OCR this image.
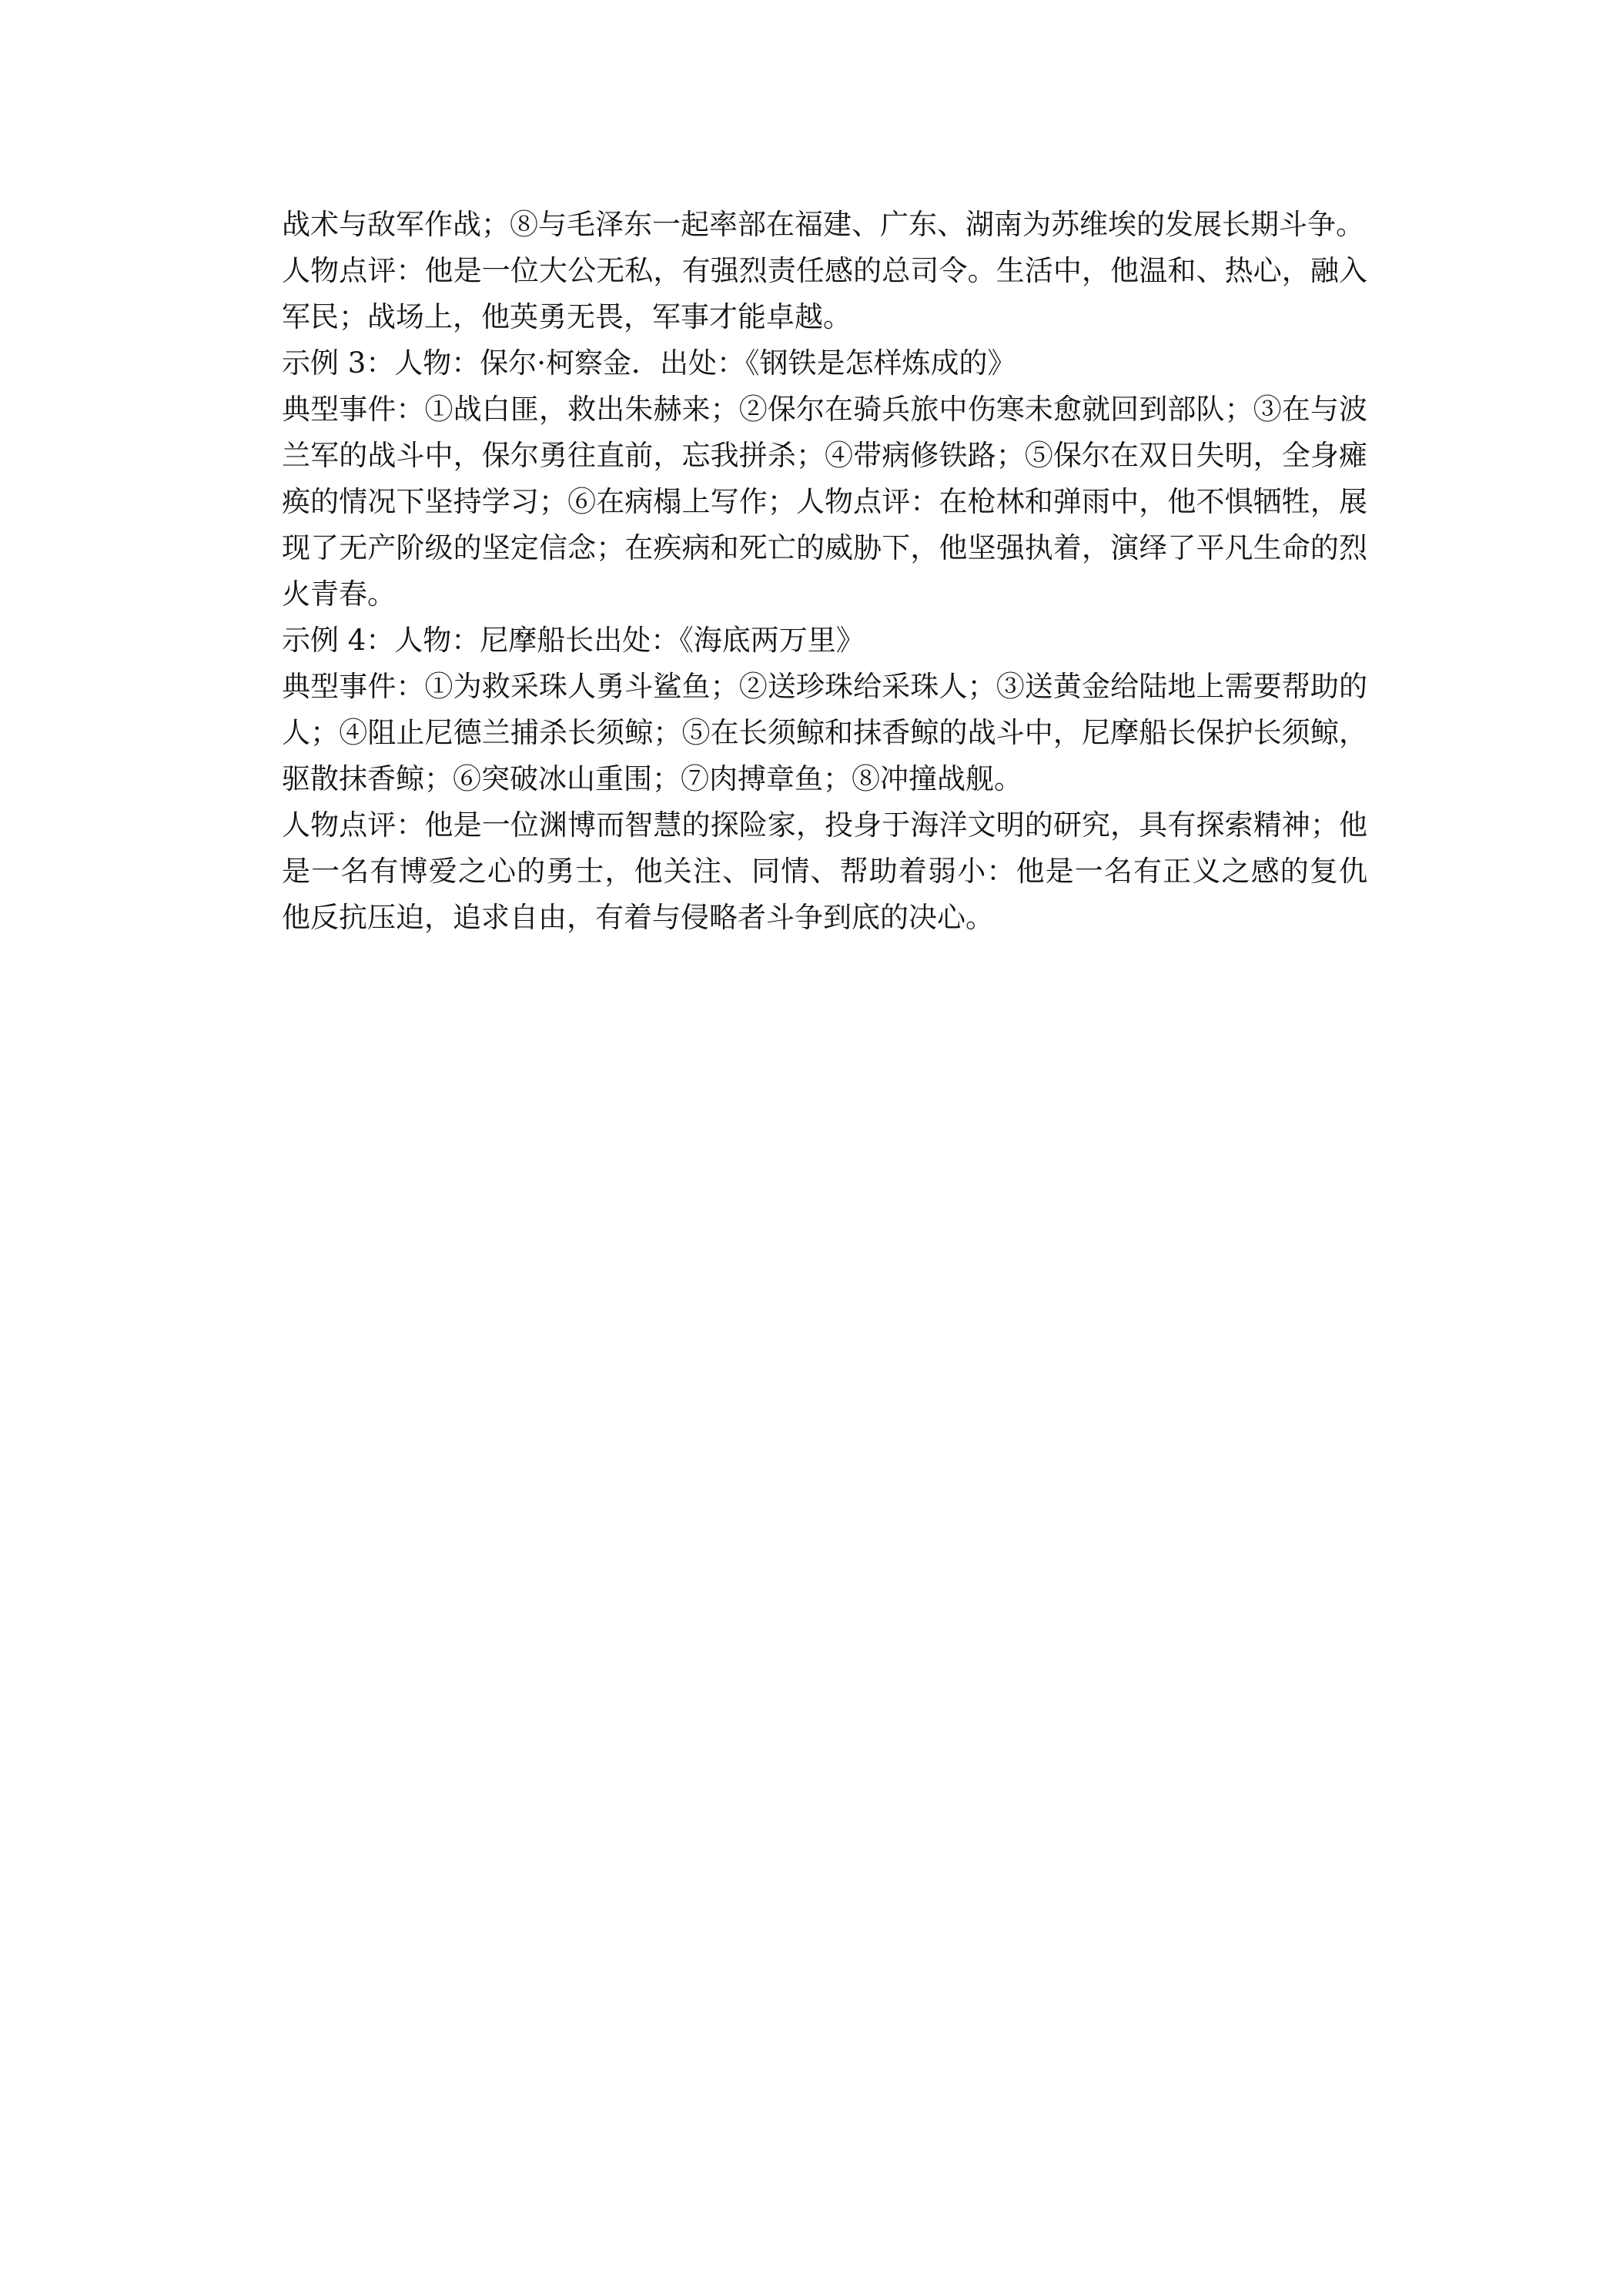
战术与敌军作战；⑧与毛泽东一起率部在福建、广东、湖南为苏维埃的发展长期斗争。
人物点评：他是一位大公无私，有强烈责任感的总司令。生活中，他温和、热心，融入
军民；战场上，他英勇无畏，军事才能卓越。
示例 3：人物：保尔·柯察金．出处：《钢铁是怎样炼成的》
典型事件：①战白匪，救出朱赫来；②保尔在骑兵旅中伤寒未愈就回到部队；③在与波
兰军的战斗中，保尔勇往直前，忘我拼杀；④带病修铁路；⑤保尔在双日失明，全身瘫
痪的情况下坚持学习；⑥在病榻上写作；人物点评：在枪林和弹雨中，他不惧牺牲，展
现了无产阶级的坚定信念；在疾病和死亡的威胁下，他坚强执着，演绎了平凡生命的烈
火青春。
示例 4：人物：尼摩船长出处：《海底两万里》
典型事件：①为救采珠人勇斗鲨鱼；②送珍珠给采珠人；③送黄金给陆地上需要帮助的
人；④阻止尼德兰捕杀长须鲸；⑤在长须鲸和抹香鲸的战斗中，尼摩船长保护长须鲸，
驱散抹香鲸；⑥突破冰山重围；⑦肉搏章鱼；⑧冲撞战舰。
人物点评：他是一位渊博而智慧的探险家，投身于海洋文明的研究，具有探索精神；他
是一名有博爱之心的勇士，他关注、同情、帮助着弱小：他是一名有正义之感的复仇
他反抗压迫，追求自由，有着与侵略者斗争到底的决心。
